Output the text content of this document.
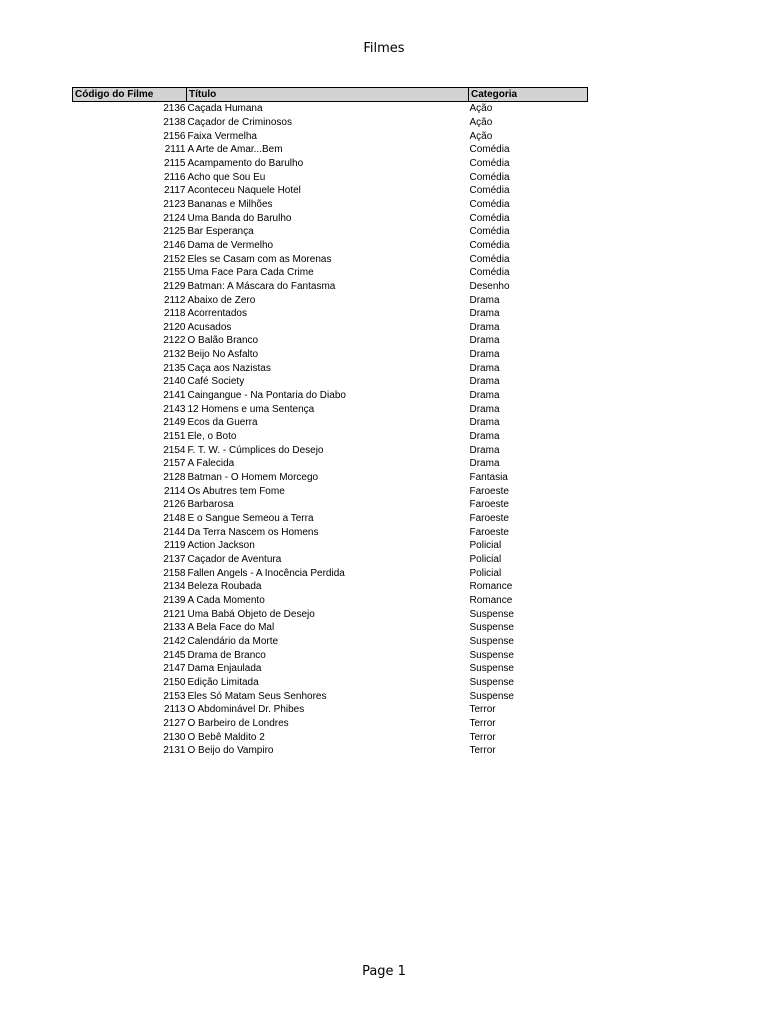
Filmes
Código do Filme	Título	Categoria
2136	Caçada Humana	Ação
2138	Caçador de Criminosos	Ação
2156	Faixa Vermelha	Ação
2111	A Arte de Amar...Bem	Comédia
2115	Acampamento do Barulho	Comédia
2116	Acho que Sou Eu	Comédia
2117	Aconteceu Naquele Hotel	Comédia
2123	Bananas e Milhões	Comédia
2124	Uma Banda do Barulho	Comédia
2125	Bar Esperança	Comédia
2146	Dama de Vermelho	Comédia
2152	Eles se Casam com as Morenas	Comédia
2155	Uma Face Para Cada Crime	Comédia
2129	Batman: A Máscara do Fantasma	Desenho
2112	Abaixo de Zero	Drama
2118	Acorrentados	Drama
2120	Acusados	Drama
2122	O Balão Branco	Drama
2132	Beijo No Asfalto	Drama
2135	Caça aos Nazistas	Drama
2140	Café Society	Drama
2141	Caingangue - Na Pontaria do Diabo	Drama
2143	12 Homens e uma Sentença	Drama
2149	Ecos da Guerra	Drama
2151	Ele, o Boto	Drama
2154	F. T. W. - Cúmplices do Desejo	Drama
2157	A Falecida	Drama
2128	Batman - O Homem Morcego	Fantasia
2114	Os Abutres tem Fome	Faroeste
2126	Barbarosa	Faroeste
2148	E o Sangue Semeou a Terra	Faroeste
2144	Da Terra Nascem os Homens	Faroeste
2119	Action Jackson	Policial
2137	Caçador de Aventura	Policial
2158	Fallen Angels - A Inocência Perdida	Policial
2134	Beleza Roubada	Romance
2139	A Cada Momento	Romance
2121	Uma Babá Objeto de Desejo	Suspense
2133	A Bela Face do Mal	Suspense
2142	Calendário da Morte	Suspense
2145	Drama de Branco	Suspense
2147	Dama Enjaulada	Suspense
2150	Edição Limitada	Suspense
2153	Eles Só Matam Seus Senhores	Suspense
2113	O Abdominável Dr. Phibes	Terror
2127	O Barbeiro de Londres	Terror
2130	O Bebê Maldito 2	Terror
2131	O Beijo do Vampiro	Terror
Page 1
